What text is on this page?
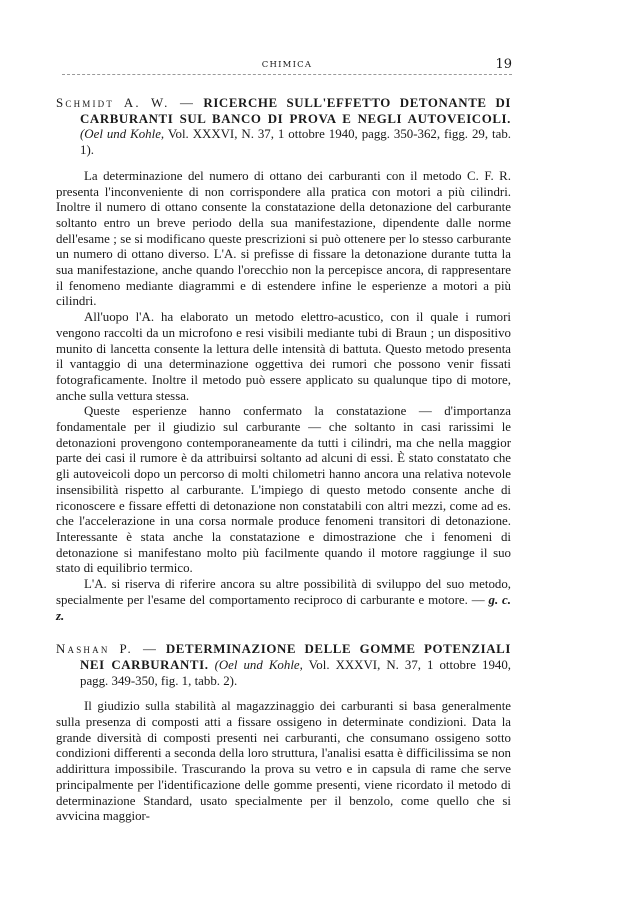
CHIMICA	19

Schmidt A. W. — RICERCHE SULL'EFFETTO DETONANTE DI CARBURANTI SUL BANCO DI PROVA E NEGLI AUTOVEICOLI. (Oel und Kohle, Vol. XXXVI, N. 37, 1 ottobre 1940, pagg. 350-362, figg. 29, tab. 1).

La determinazione del numero di ottano dei carburanti con il metodo C. F. R. presenta l'inconveniente di non corrispondere alla pratica con motori a più cilindri. Inoltre il numero di ottano consente la constatazione della detonazione del carburante soltanto entro un breve periodo della sua manifestazione, dipendente dalle norme dell'esame ; se si modificano queste prescrizioni si può ottenere per lo stesso carburante un numero di ottano diverso. L'A. si prefisse di fissare la detonazione durante tutta la sua manifestazione, anche quando l'orecchio non la percepisce ancora, di rappresentare il fenomeno mediante diagrammi e di estendere infine le esperienze a motori a più cilindri.

All'uopo l'A. ha elaborato un metodo elettro-acustico, con il quale i rumori vengono raccolti da un microfono e resi visibili mediante tubi di Braun ; un dispositivo munito di lancetta consente la lettura delle intensità di battuta. Questo metodo presenta il vantaggio di una determinazione oggettiva dei rumori che possono venir fissati fotograficamente. Inoltre il metodo può essere applicato su qualunque tipo di motore, anche sulla vettura stessa.

Queste esperienze hanno confermato la constatazione — d'importanza fondamentale per il giudizio sul carburante — che soltanto in casi rarissimi le detonazioni provengono contemporaneamente da tutti i cilindri, ma che nella maggior parte dei casi il rumore è da attribuirsi soltanto ad alcuni di essi. È stato constatato che gli autoveicoli dopo un percorso di molti chilometri hanno ancora una relativa notevole insensibilità rispetto al carburante. L'impiego di questo metodo consente anche di riconoscere e fissare effetti di detonazione non constatabili con altri mezzi, come ad es. che l'accelerazione in una corsa normale produce fenomeni transitori di detonazione. Interessante è stata anche la constatazione e dimostrazione che i fenomeni di detonazione si manifestano molto più facilmente quando il motore raggiunge il suo stato di equilibrio termico.

L'A. si riserva di riferire ancora su altre possibilità di sviluppo del suo metodo, specialmente per l'esame del comportamento reciproco di carburante e motore. — g. c. z.

Nashan P. — DETERMINAZIONE DELLE GOMME POTENZIALI NEI CARBURANTI. (Oel und Kohle, Vol. XXXVI, N. 37, 1 ottobre 1940, pagg. 349-350, fig. 1, tabb. 2).

Il giudizio sulla stabilità al magazzinaggio dei carburanti si basa generalmente sulla presenza di composti atti a fissare ossigeno in determinate condizioni. Data la grande diversità di composti presenti nei carburanti, che consumano ossigeno sotto condizioni differenti a seconda della loro struttura, l'analisi esatta è difficilissima se non addirittura impossibile. Trascurando la prova su vetro e in capsula di rame che serve principalmente per l'identificazione delle gomme presenti, viene ricordato il metodo di determinazione Standard, usato specialmente per il benzolo, come quello che si avvicina maggior-
